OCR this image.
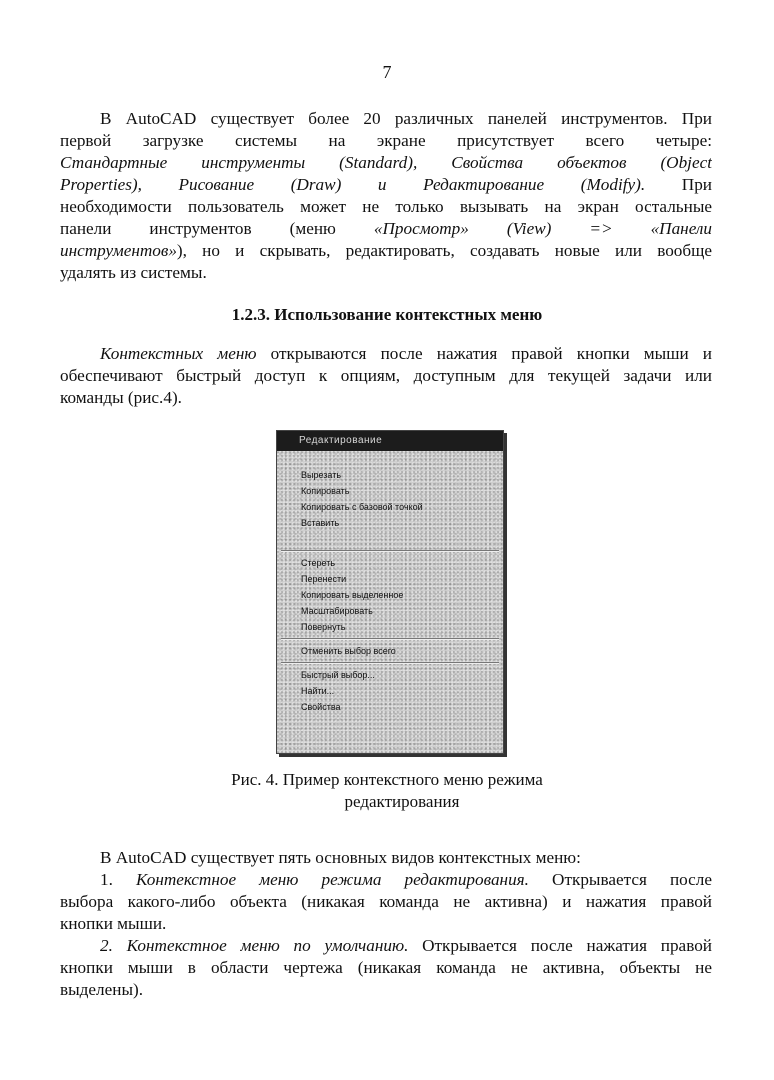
7
В AutoCAD существует более 20 различных панелей инструментов. При
первой загрузке системы на экране присутствует всего четыре:
Стандартные инструменты (Standard), Свойства объектов (Object
Properties), Рисование (Draw) и Редактирование (Modify). При
необходимости пользователь может не только вызывать на экран остальные
панели инструментов (меню «Просмотр» (View) => «Панели
инструментов»), но и скрывать, редактировать, создавать новые или вообще
удалять из системы.
1.2.3. Использование контекстных меню
Контекстных меню открываются после нажатия правой кнопки мыши и
обеспечивают быстрый доступ к опциям, доступным для текущей задачи или
команды (рис.4).
Редактирование
Вырезать
Копировать
Копировать с базовой точкой
Вставить
Стереть
Перенести
Копировать выделенное
Масштабировать
Повернуть
Отменить выбор всего
Быстрый выбор...
Найти...
Свойства
Рис. 4. Пример контекстного меню режима
редактирования
В AutoCAD существует пять основных видов контекстных меню:
1. Контекстное меню режима редактирования. Открывается после
выбора какого-либо объекта (никакая команда не активна) и нажатия правой
кнопки мыши.
2. Контекстное меню по умолчанию. Открывается после нажатия правой
кнопки мыши в области чертежа (никакая команда не активна, объекты не
выделены).
